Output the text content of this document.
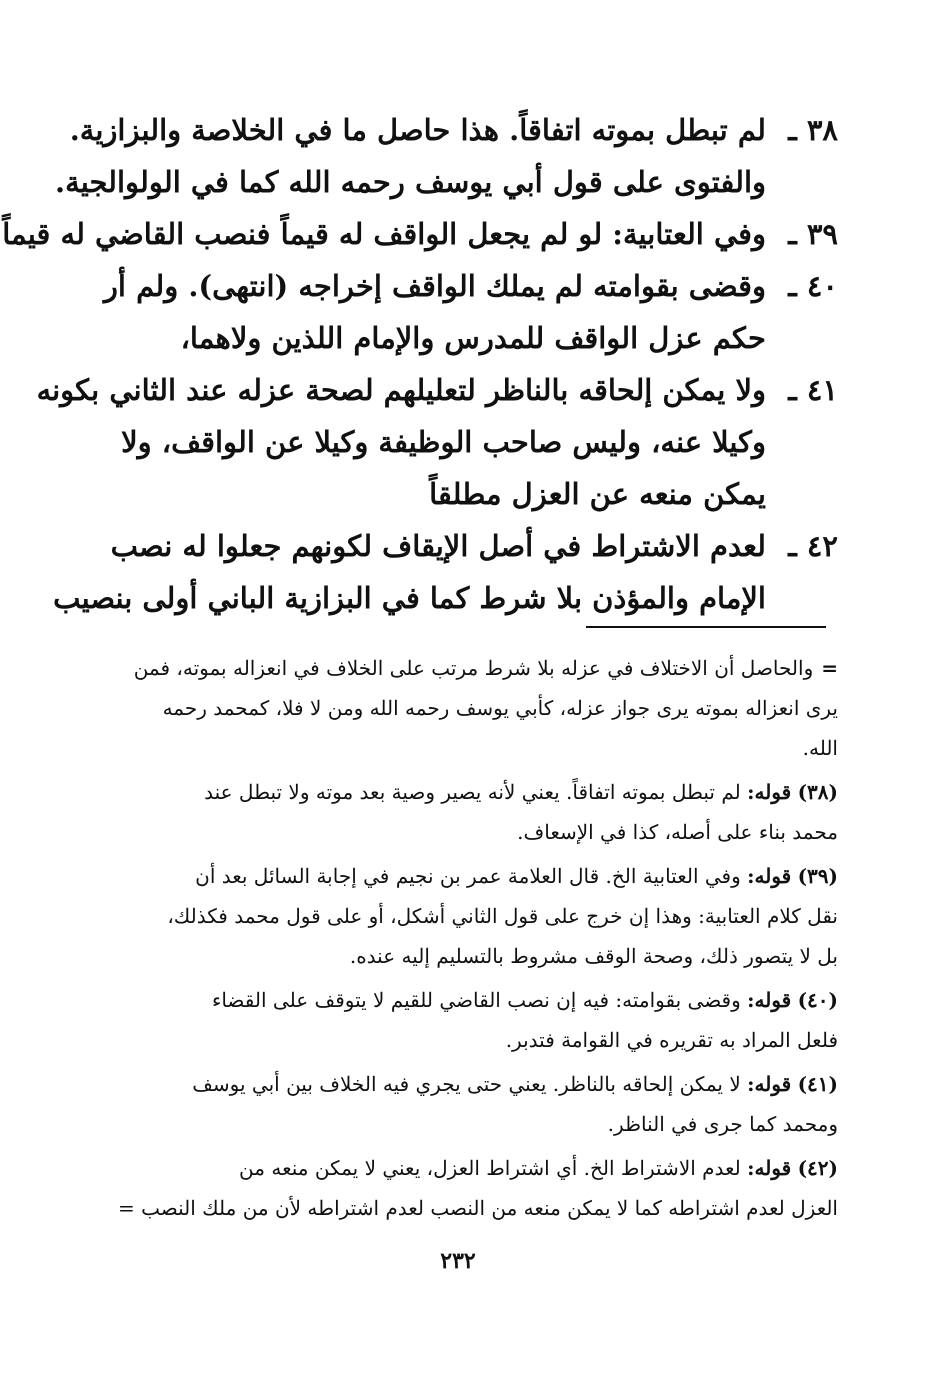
٣٨ ـ
لم تبطل بموته اتفاقاً. هذا حاصل ما في الخلاصة والبزازية.
والفتوى على قول أبي يوسف رحمه الله كما في الولوالجية.
٣٩ ـ
وفي العتابية: لو لم يجعل الواقف له قيماً فنصب القاضي له قيماً
٤٠ ـ
وقضى بقوامته لم يملك الواقف إخراجه (انتهى). ولم أر
حكم عزل الواقف للمدرس والإمام اللذين ولاهما،
٤١ ـ
ولا يمكن إلحاقه بالناظر لتعليلهم لصحة عزله عند الثاني بكونه
وكيلا عنه، وليس صاحب الوظيفة وكيلا عن الواقف، ولا
يمكن منعه عن العزل مطلقاً
٤٢ ـ
لعدم الاشتراط في أصل الإيقاف لكونهم جعلوا له نصب
الإمام والمؤذن بلا شرط كما في البزازية الباني أولى بنصيب
=والحاصل أن الاختلاف في عزله بلا شرط مرتب على الخلاف في انعزاله بموته، فمن
يرى انعزاله بموته يرى جواز عزله، كأبي يوسف رحمه الله ومن لا فلا، كمحمد رحمه
الله.
(٣٨) قوله: لم تبطل بموته اتفاقاً. يعني لأنه يصير وصية بعد موته ولا تبطل عند
محمد بناء على أصله، كذا في الإسعاف.
(٣٩) قوله: وفي العتابية الخ. قال العلامة عمر بن نجيم في إجابة السائل بعد أن
نقل كلام العتابية: وهذا إن خرج على قول الثاني أشكل، أو على قول محمد فكذلك،
بل لا يتصور ذلك، وصحة الوقف مشروط بالتسليم إليه عنده.
(٤٠) قوله: وقضى بقوامته: فيه إن نصب القاضي للقيم لا يتوقف على القضاء
فلعل المراد به تقريره في القوامة فتدبر.
(٤١) قوله: لا يمكن إلحاقه بالناظر. يعني حتى يجري فيه الخلاف بين أبي يوسف
ومحمد كما جرى في الناظر.
(٤٢) قوله: لعدم الاشتراط الخ. أي اشتراط العزل، يعني لا يمكن منعه من
العزل لعدم اشتراطه كما لا يمكن منعه من النصب لعدم اشتراطه لأن من ملك النصب =
٢٣٢
